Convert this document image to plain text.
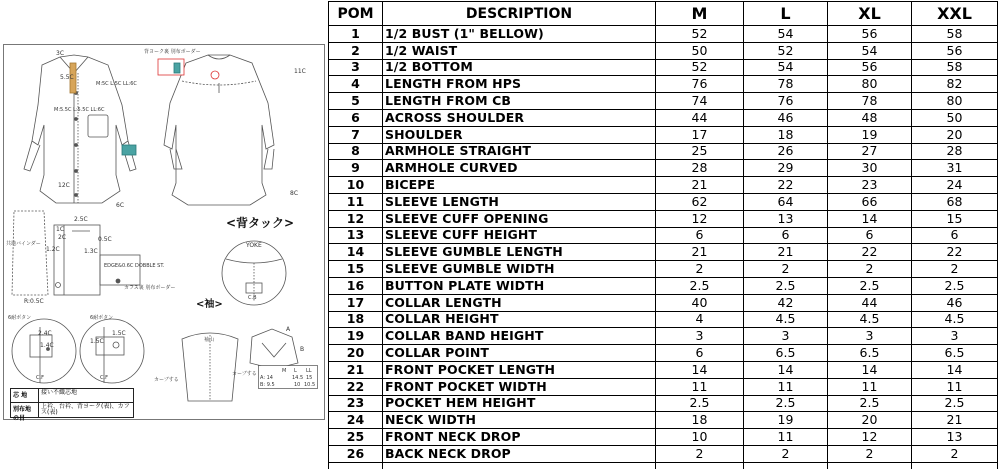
3C
5.5C
11C
12C
8C
6C
2.5C
1C
2C	0.5C
1.3C
1.2C
R:0.5C
2.4C
1.4C
1.5C
1.5C
EDGE&0.6C DOBBLE ST.
カフス裏 別布ボーダー
背ヨーク裏 別布ボーダー
共地バインダー
6耐ボタン	6耐ボタン
カーブする
カーブする
袖山
A
B
M:5C L:5C LL:6C
M:5.5C L:5.5C LL:6C
<背タック>
<袖>
YOKE
C.B
C.F	C.F
芯 地	接い不織芯地
別布地の目
上衿、台衿、背ヨーク(表)、カフス(表)
M L LL
A: 14	14.5 15
B: 9.5	10 10.5
POM	DESCRIPTION	M	L	XL	XXL
1	1/2 BUST (1" BELLOW)	52	54	56	58
2	1/2 WAIST	50	52	54	56
3	1/2 BOTTOM	52	54	56	58
4	LENGTH FROM HPS	76	78	80	82
5	LENGTH FROM CB	74	76	78	80
6	ACROSS SHOULDER	44	46	48	50
7	SHOULDER	17	18	19	20
8	ARMHOLE STRAIGHT	25	26	27	28
9	ARMHOLE CURVED	28	29	30	31
10	BICEPE	21	22	23	24
11	SLEEVE LENGTH	62	64	66	68
12	SLEEVE CUFF OPENING	12	13	14	15
13	SLEEVE CUFF HEIGHT	6	6	6	6
14	SLEEVE GUMBLE LENGTH	21	21	22	22
15	SLEEVE GUMBLE WIDTH	2	2	2	2
16	BUTTON PLATE WIDTH	2.5	2.5	2.5	2.5
17	COLLAR LENGTH	40	42	44	46
18	COLLAR HEIGHT	4	4.5	4.5	4.5
19	COLLAR BAND HEIGHT	3	3	3	3
20	COLLAR POINT	6	6.5	6.5	6.5
21	FRONT POCKET LENGTH	14	14	14	14
22	FRONT POCKET WIDTH	11	11	11	11
23	POCKET HEM HEIGHT	2.5	2.5	2.5	2.5
24	NECK WIDTH	18	19	20	21
25	FRONT NECK DROP	10	11	12	13
26	BACK NECK DROP	2	2	2	2
